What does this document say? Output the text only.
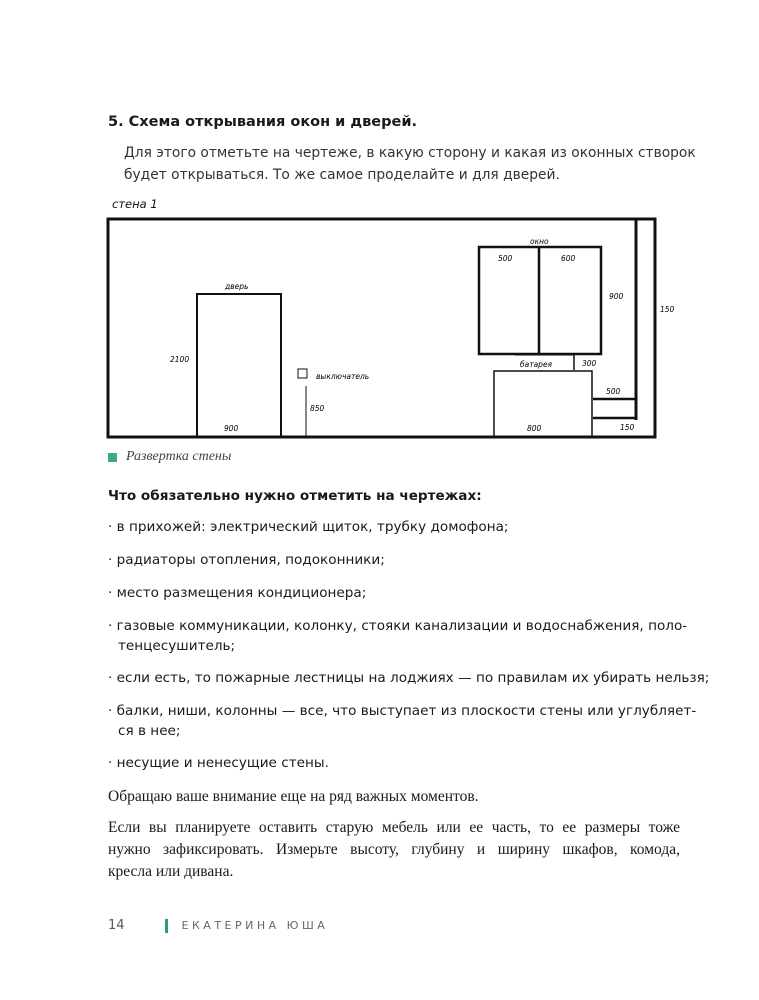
5. Схема открывания окон и дверей.

Для этого отметьте на чертеже, в какую сторону и какая из оконных створок
будет открываться. То же самое проделайте и для дверей.

стена 1
окно
500	600
900
150
дверь
2100
900
выключатель
850
батарея	300
800
500
150
Развертка стены
Что обязательно нужно отметить на чертежах:
· в прихожей: электрический щиток, трубку домофона;
· радиаторы отопления, подоконники;
· место размещения кондиционера;
· газовые коммуникации, колонку, стояки канализации и водоснабжения, поло-
тенцесушитель;
· если есть, то пожарные лестницы на лоджиях — по правилам их убирать нельзя;
· балки, ниши, колонны — все, что выступает из плоскости стены или углубляет-
ся в нее;
· несущие и ненесущие стены.

Обращаю ваше внимание еще на ряд важных моментов.

Если вы планируете оставить старую мебель или ее часть, то ее размеры тоже
нужно зафиксировать. Измерьте высоту, глубину и ширину шкафов, комода,
кресла или дивана.

14	ЕКАТЕРИНА ЮША
